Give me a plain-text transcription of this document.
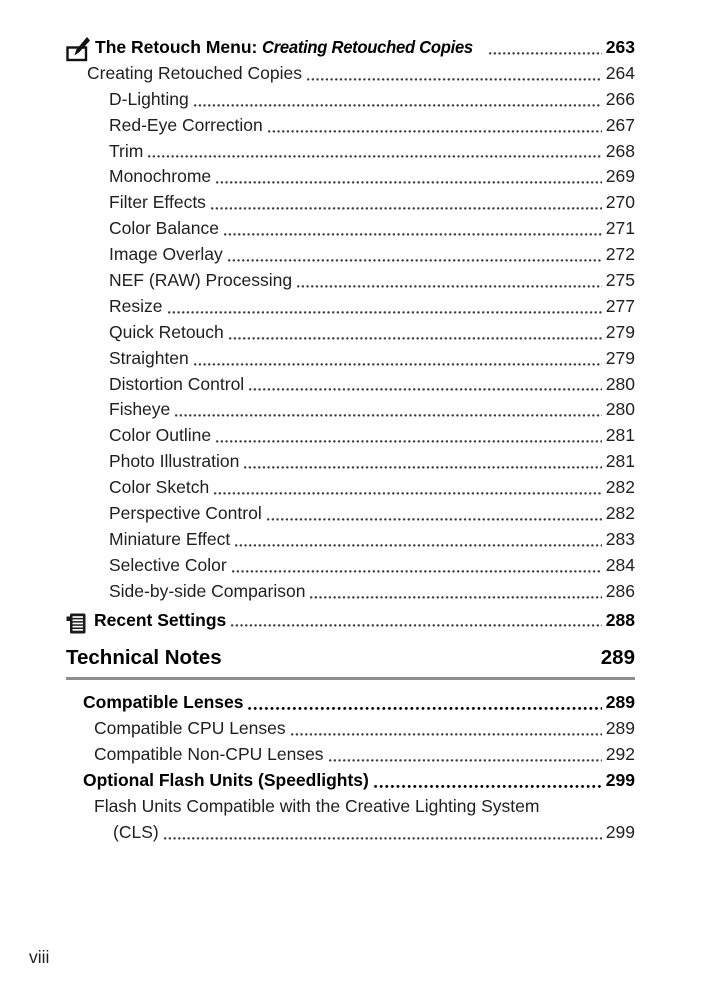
The Retouch Menu: Creating Retouched Copies	263
Creating Retouched Copies	264
D-Lighting	266
Red-Eye Correction	267
Trim	268
Monochrome	269
Filter Effects	270
Color Balance	271
Image Overlay	272
NEF (RAW) Processing	275
Resize	277
Quick Retouch	279
Straighten	279
Distortion Control	280
Fisheye	280
Color Outline	281
Photo Illustration	281
Color Sketch	282
Perspective Control	282
Miniature Effect	283
Selective Color	284
Side-by-side Comparison	286
Recent Settings	288
Technical Notes	289
Compatible Lenses	289
Compatible CPU Lenses	289
Compatible Non-CPU Lenses	292
Optional Flash Units (Speedlights)	299
Flash Units Compatible with the Creative Lighting System
(CLS)	299
viii
